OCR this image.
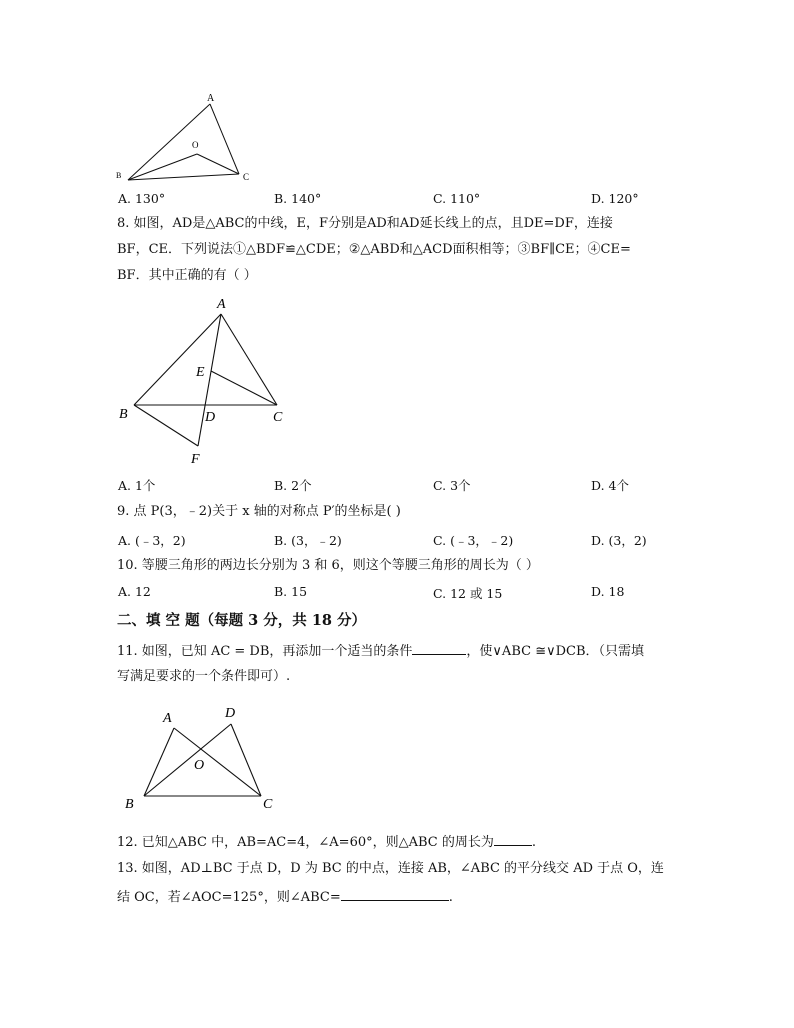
A
O
B	C
A. 130°	B. 140°	C. 110°	D. 120°
8. 如图，AD是△ABC的中线，E，F分别是AD和AD延长线上的点，且DE=DF，连接
BF，CE．下列说法①△BDF≌△CDE；②△ABD和△ACD面积相等；③BF∥CE；④CE=
BF．其中正确的有（ ）
A
E
B	D	C
F
A. 1个	B. 2个	C. 3个	D. 4个
9. 点 P(3，﹣2)关于 x 轴的对称点 P′的坐标是( )
A. (﹣3，2)	B. (3，﹣2)	C. (﹣3，﹣2)	D. (3，2)
10. 等腰三角形的两边长分别为 3 和 6，则这个等腰三角形的周长为（ ）
A. 12	B. 15	C. 12 或 15	D. 18
二、填 空 题（每题 3 分，共 18 分）
11. 如图，已知 AC = DB，再添加一个适当的条件	，使∨ABC ≅∨DCB．（只需填
写满足要求的一个条件即可）.
A	D
O
B	C
12. 已知△ABC 中，AB=AC=4，∠A=60°，则△ABC 的周长为	.
13. 如图，AD⊥BC 于点 D，D 为 BC 的中点，连接 AB，∠ABC 的平分线交 AD 于点 O，连
结 OC，若∠AOC=125°，则∠ABC=	.
